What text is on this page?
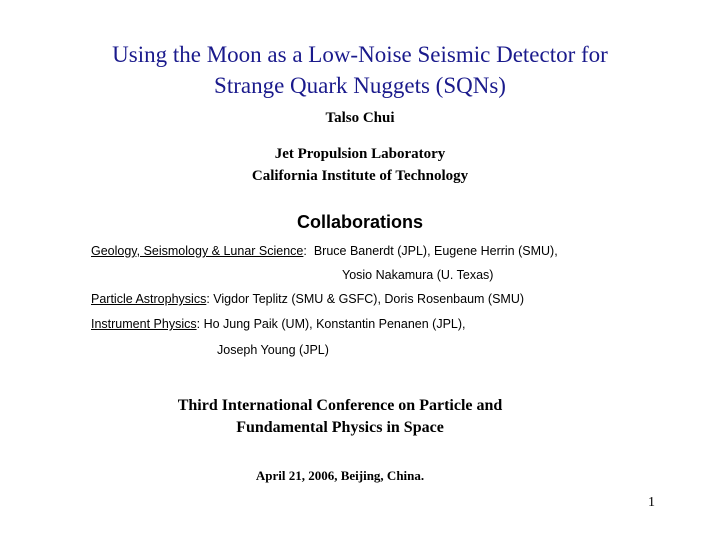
Using the Moon as a Low-Noise Seismic Detector for
Strange Quark Nuggets (SQNs)
Talso Chui
Jet Propulsion Laboratory
California Institute of Technology
Collaborations
Geology, Seismology & Lunar Science: Bruce Banerdt (JPL), Eugene Herrin (SMU),
Yosio Nakamura (U. Texas)
Particle Astrophysics: Vigdor Teplitz (SMU & GSFC), Doris Rosenbaum (SMU)
Instrument Physics: Ho Jung Paik (UM), Konstantin Penanen (JPL),
Joseph Young (JPL)
Third International Conference on Particle and
Fundamental Physics in Space
April 21, 2006, Beijing, China.
1
